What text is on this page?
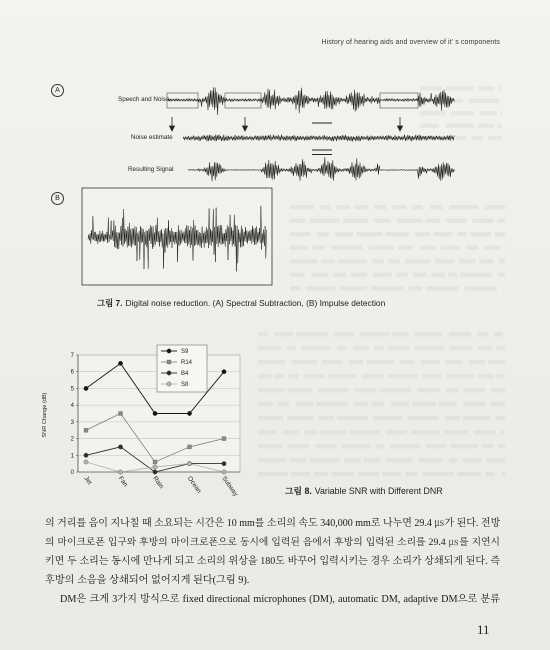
History of hearing aids and overview of it' s components
A
B
Speech and Noise
Noise estimate
Resulting Signal
그림 7. Digital noise reduction. (A) Spectral Subtraction, (B) Impulse detection
0
1
2
3
4
5
6
7
Jet	Fan	Rain	Ocean	Subway
S9
R14
B4
S8
SNR Change (dB)
그림 8. Variable SNR with Different DNR
의 거리를 음이 지나칠 때 소요되는 시간은 10 mm를 소리의 속도 340,000 mm로 나누면 29.4 ㎲가 된다. 전방
의 마이크로폰 입구와 후방의 마이크로폰으로 동시에 입력된 음에서 후방의 입력된 소리를 29.4 ㎲를 지연시
키면 두 소리는 동시에 만나게 되고 소리의 위상을 180도 바꾸어 입력시키는 경우 소리가 상쇄되게 된다. 즉
후방의 소음을 상쇄되어 없어지게 된다(그림 9).
DM은 크게 3가지 방식으로 fixed directional microphones (DM), automatic DM, adaptive DM으로 분류
11
